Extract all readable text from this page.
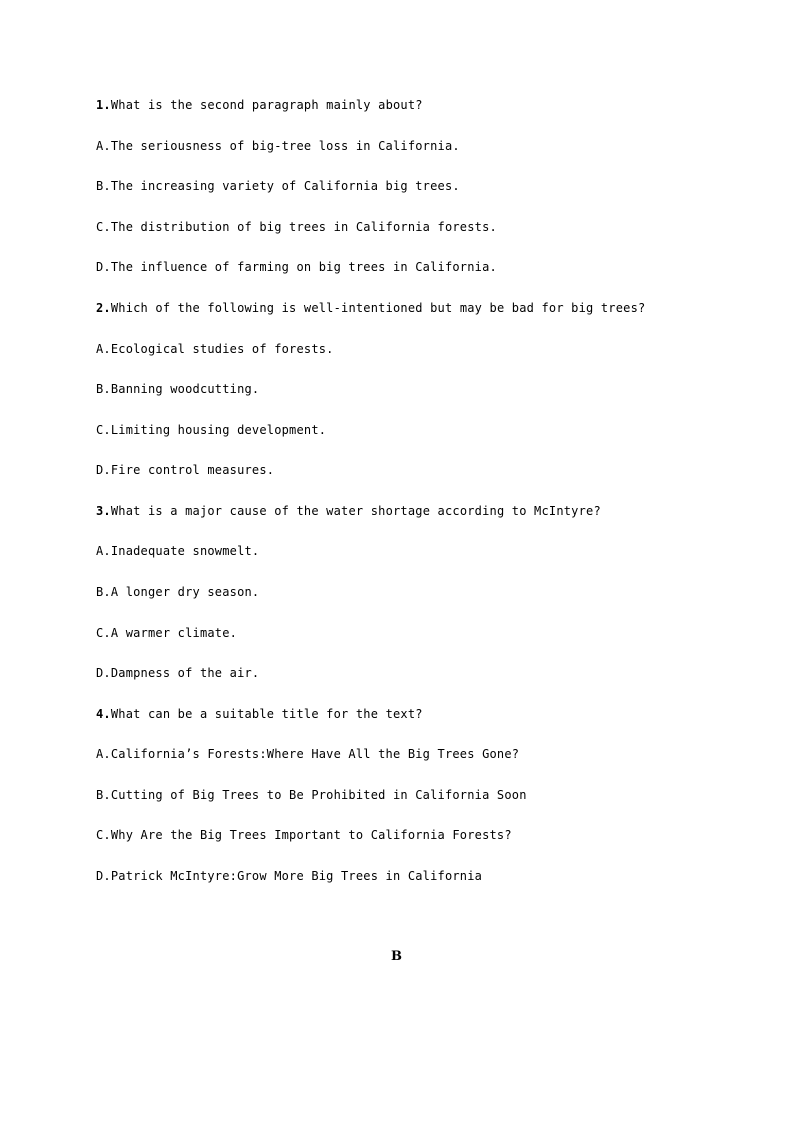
1.What is the second paragraph mainly about?
A.The seriousness of big-tree loss in California.
B.The increasing variety of California big trees.
C.The distribution of big trees in California forests.
D.The influence of farming on big trees in California.
2.Which of the following is well-intentioned but may be bad for big trees?
A.Ecological studies of forests.
B.Banning woodcutting.
C.Limiting housing development.
D.Fire control measures.
3.What is a major cause of the water shortage according to McIntyre?
A.Inadequate snowmelt.
B.A longer dry season.
C.A warmer climate.
D.Dampness of the air.
4.What can be a suitable title for the text?
A.California’s Forests:Where Have All the Big Trees Gone?
B.Cutting of Big Trees to Be Prohibited in California Soon
C.Why Are the Big Trees Important to California Forests?
D.Patrick McIntyre:Grow More Big Trees in California
B
